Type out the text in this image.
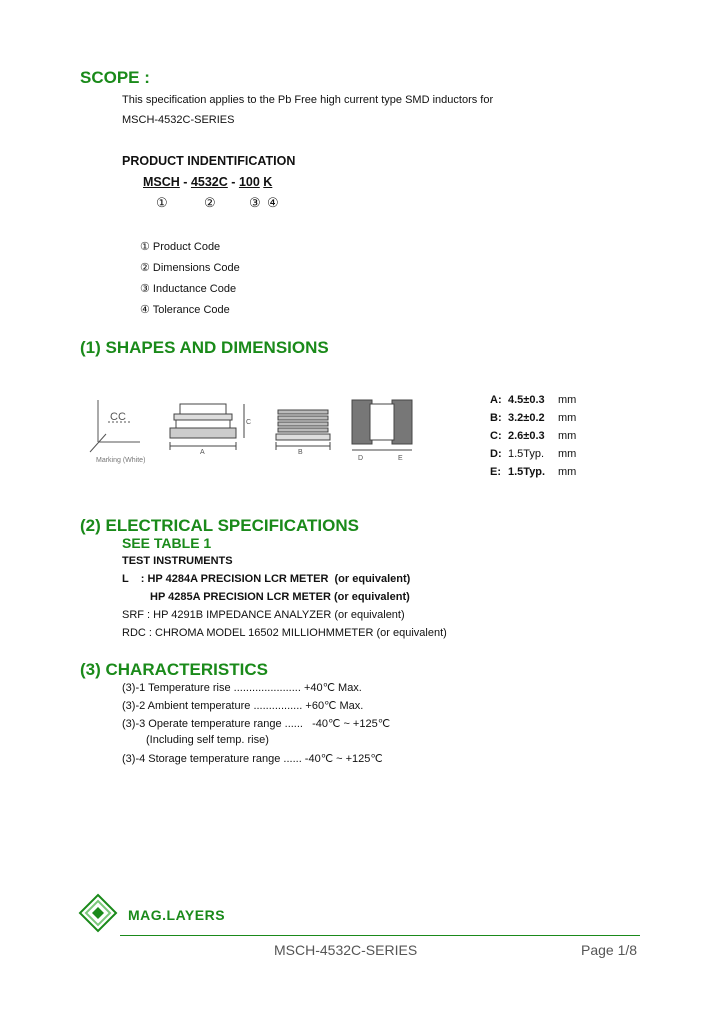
SCOPE :
This specification applies to the Pb Free high current type SMD inductors for
MSCH-4532C-SERIES
PRODUCT INDENTIFICATION
MSCH - 4532C - 100 K
①	②	③ ④
① Product Code
② Dimensions Code
③ Inductance Code
④ Tolerance Code
(1) SHAPES AND DIMENSIONS
CC
Marking (White)
A
C
B
D	E
A: 4.5±0.3 mm
B: 3.2±0.2 mm
C: 2.6±0.3 mm
D: 1.5Typ. mm
E: 1.5Typ. mm
(2) ELECTRICAL SPECIFICATIONS
SEE TABLE 1
TEST INSTRUMENTS
L    : HP 4284A PRECISION LCR METER  (or equivalent)
HP 4285A PRECISION LCR METER (or equivalent)
SRF : HP 4291B IMPEDANCE ANALYZER (or equivalent)
RDC : CHROMA MODEL 16502 MILLIOHMMETER (or equivalent)
(3) CHARACTERISTICS
(3)-1 Temperature rise ...................... +40℃ Max.
(3)-2 Ambient temperature ................ +60℃ Max.
(3)-3 Operate temperature range ......   -40℃ ~ +125℃
(Including self temp. rise)
(3)-4 Storage temperature range ...... -40℃ ~ +125℃
MAG.LAYERS
MSCH-4532C-SERIES	Page 1/8
